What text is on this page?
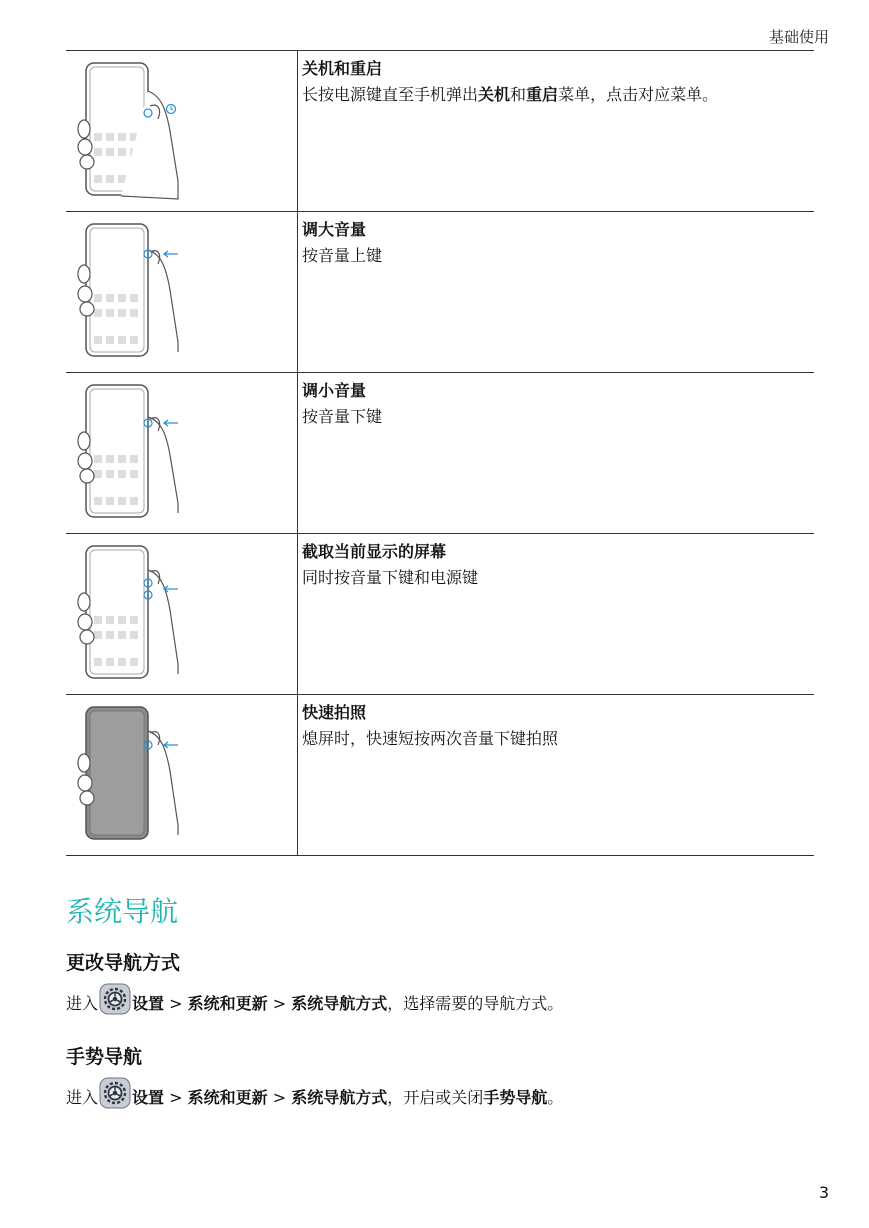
基础使用

关机和重启
长按电源键直至手机弹出关机和重启菜单，点击对应菜单。

调大音量
按音量上键

调小音量
按音量下键

截取当前显示的屏幕
同时按音量下键和电源键

快速拍照
熄屏时，快速短按两次音量下键拍照
系统导航
更改导航方式
进入 设置 > 系统和更新 > 系统导航方式 ，选择需要的导航方式。
手势导航
进入 设置 > 系统和更新 > 系统导航方式 ，开启或关闭 手势导航 。
3
